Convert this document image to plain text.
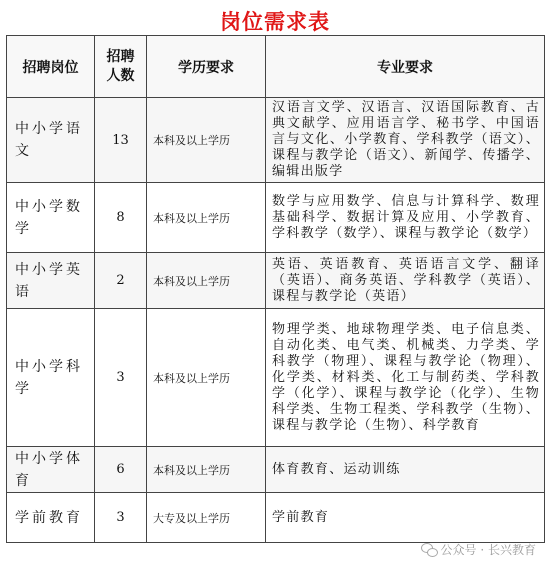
岗位需求表
招聘岗位	招聘人数	学历要求	专业要求
中小学语文	13	本科及以上学历	汉语言文学、汉语言、汉语国际教育、古典文献学、应用语言学、秘书学、中国语言与文化、小学教育、学科教学（语文）、课程与教学论（语文）、新闻学、传播学、编辑出版学
中小学数学	8	本科及以上学历	数学与应用数学、信息与计算科学、数理基础科学、数据计算及应用、小学教育、学科教学（数学）、课程与教学论（数学）
中小学英语	2	本科及以上学历	英语、英语教育、英语语言文学、翻译（英语）、商务英语、学科教学（英语）、课程与教学论（英语）
中小学科学	3	本科及以上学历	物理学类、地球物理学类、电子信息类、自动化类、电气类、机械类、力学类、学科教学（物理）、课程与教学论（物理）、化学类、材料类、化工与制药类、学科教学（化学）、课程与教学论（化学）、生物科学类、生物工程类、学科教学（生物）、课程与教学论（生物）、科学教育
中小学体育	6	本科及以上学历	体育教育、运动训练
学前教育	3	大专及以上学历	学前教育
公众号 · 长兴教育
